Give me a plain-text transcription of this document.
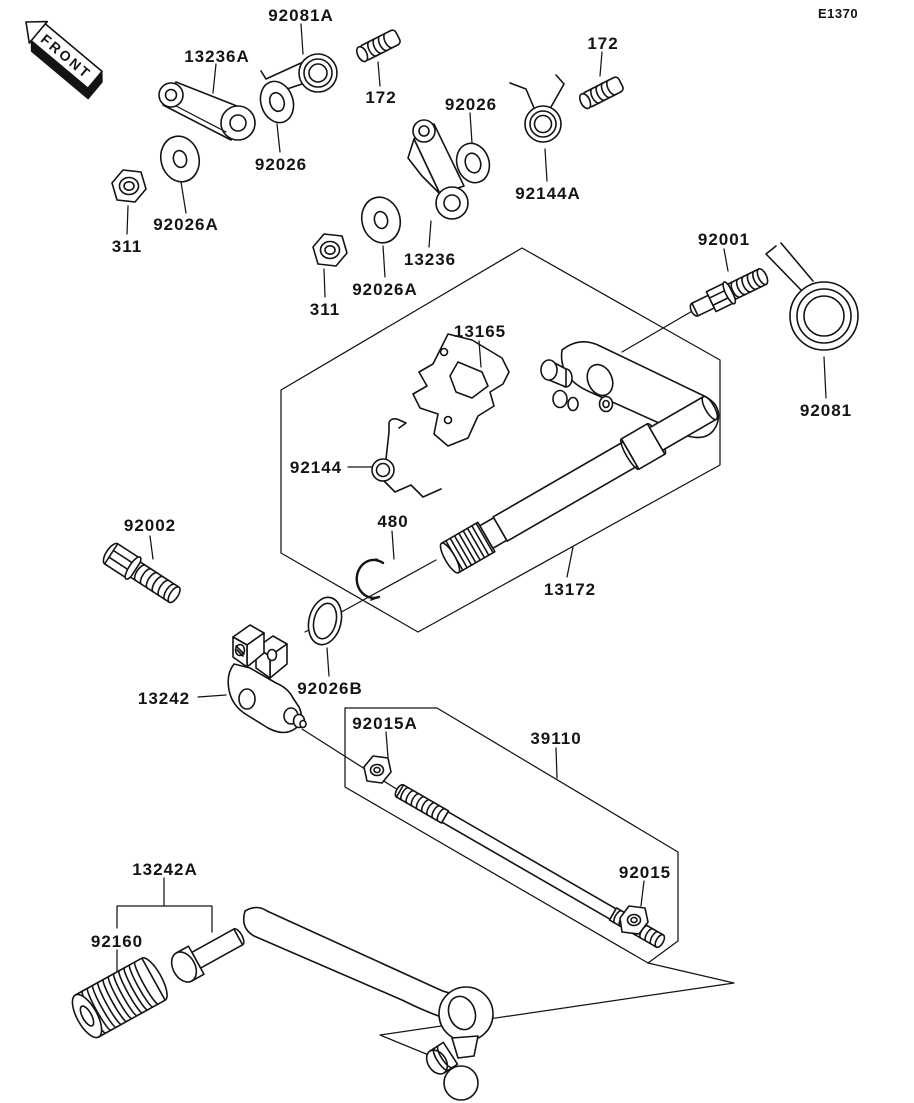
13236A
92081A
172
92026
92026A
311
92026
92144A
172
13236
92026A
311
92001
92081
13165
92144
480
13172
92002
13242
92026B
92015A
39110
92015
13242A
92160
E1370
FRONT
